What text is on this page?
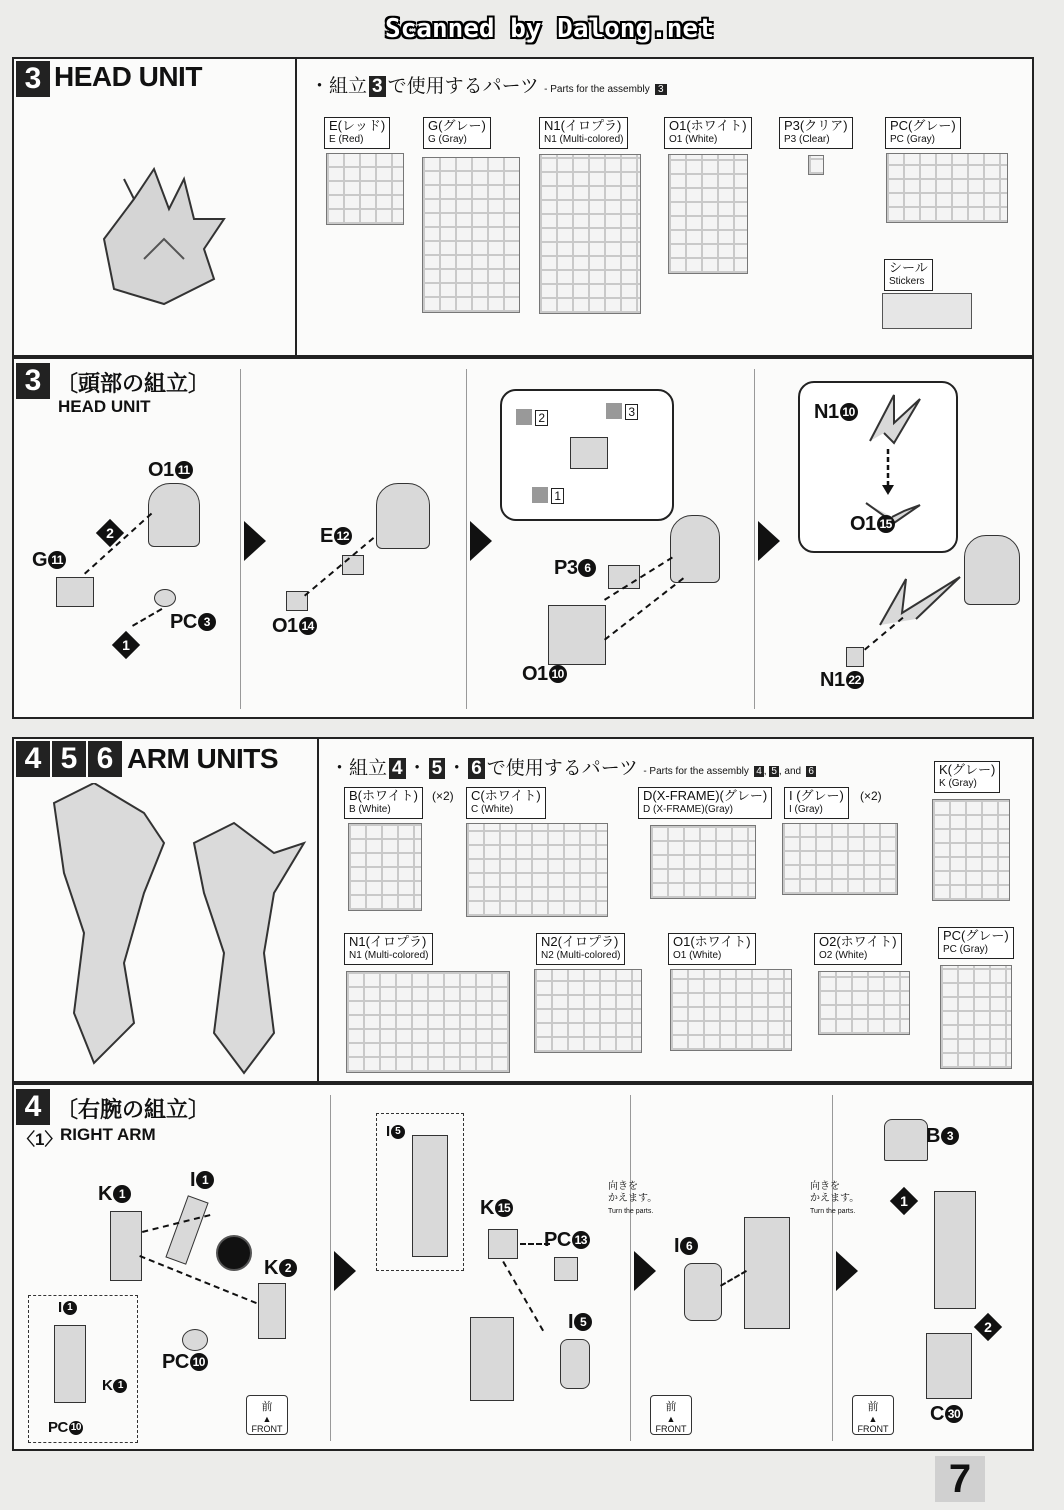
Scanned by Dalong.net
3 HEAD UNIT	・組立 3 で使用するパーツ - Parts for the assembly 3
E(レッド)
E (Red)
G(グレー)
G (Gray)
N1(イロプラ)
N1 (Multi-colored)
O1(ホワイト)
O1 (White)
P3(クリア)
P3 (Clear)
PC(グレー)
PC (Gray)
シール
Stickers
3 〔頭部の組立〕
HEAD UNIT
O1 11
G 11
PC 3
2
1
E 12
O1 14
2	3
1
P3 6
O1 10
N1 10
O1 15
N1 22
4 5 6 ARM UNITS	・組立 4 ・ 5 ・ 6 で使用するパーツ - Parts for the assembly 4 , 5 , and 6
B(ホワイト)
B (White)
(×2)	C(ホワイト)
C (White)
D(X-FRAME)(グレー)
D (X-FRAME)(Gray)
I (グレー)
I (Gray)
(×2)
K(グレー)
K (Gray)
N1(イロプラ)
N1 (Multi-colored)
N2(イロプラ)
N2 (Multi-colored)
O1(ホワイト)
O1 (White)
O2(ホワイト)
O2 (White)
PC(グレー)
PC (Gray)
4 〔右腕の組立〕
〈1〉
RIGHT ARM
K 1
I 1
K 2
PC 10
I 1
K 1
PC 10
前
▲
FRONT
I 5
K 15
PC 13
I 5
向きを
かえます。
Turn the parts.
前
▲
FRONT
I 6
向きを
かえます。
Turn the parts.
B 3
1
2
C 30
前
▲
FRONT
7
